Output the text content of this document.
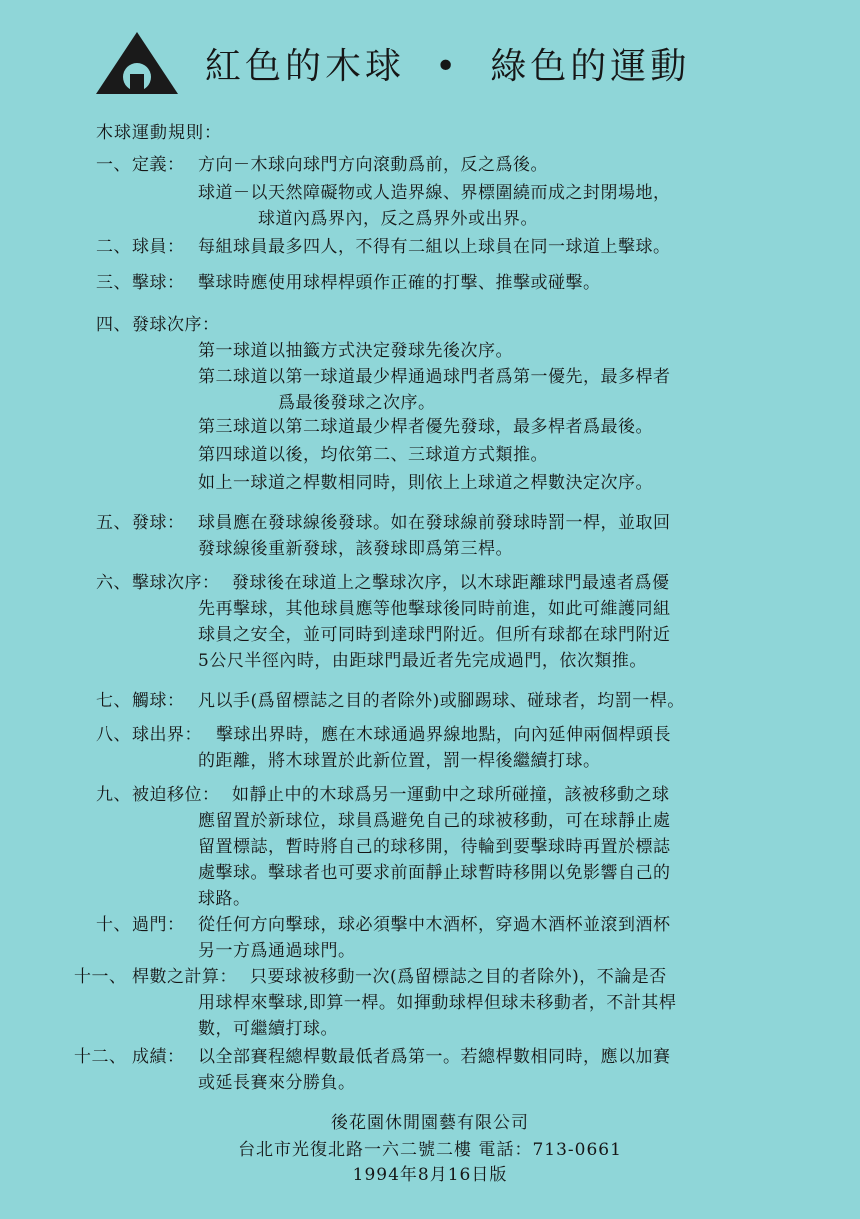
紅色的木球 • 綠色的運動
木球運動規則：
一、 定義： 方向－木球向球門方向滾動爲前，反之爲後。
球道－以天然障礙物或人造界線、界標圍繞而成之封閉場地，
球道內爲界內，反之爲界外或出界。
二、 球員： 每組球員最多四人，不得有二組以上球員在同一球道上擊球。
三、 擊球： 擊球時應使用球桿桿頭作正確的打擊、推擊或碰擊。
四、 發球次序：
第一球道以抽籤方式決定發球先後次序。
第二球道以第一球道最少桿通過球門者爲第一優先，最多桿者
爲最後發球之次序。
第三球道以第二球道最少桿者優先發球，最多桿者爲最後。
第四球道以後，均依第二、三球道方式類推。
如上一球道之桿數相同時，則依上上球道之桿數決定次序。
五、 發球： 球員應在發球線後發球。如在發球線前發球時罰一桿，並取回
發球線後重新發球，該發球即爲第三桿。
六、 擊球次序： 發球後在球道上之擊球次序，以木球距離球門最遠者爲優
先再擊球，其他球員應等他擊球後同時前進，如此可維護同組
球員之安全，並可同時到達球門附近。但所有球都在球門附近
5公尺半徑內時，由距球門最近者先完成過門，依次類推。
七、 觸球： 凡以手(爲留標誌之目的者除外)或腳踢球、碰球者，均罰一桿。
八、 球出界： 擊球出界時，應在木球通過界線地點，向內延伸兩個桿頭長
的距離，將木球置於此新位置，罰一桿後繼續打球。
九、 被迫移位： 如靜止中的木球爲另一運動中之球所碰撞，該被移動之球
應留置於新球位，球員爲避免自己的球被移動，可在球靜止處
留置標誌，暫時將自己的球移開，待輪到要擊球時再置於標誌
處擊球。擊球者也可要求前面靜止球暫時移開以免影響自己的
球路。
十、 過門： 從任何方向擊球，球必須擊中木酒杯，穿過木酒杯並滾到酒杯
另一方爲通過球門。
十一、 桿數之計算： 只要球被移動一次(爲留標誌之目的者除外)，不論是否
用球桿來擊球,即算一桿。如揮動球桿但球未移動者，不計其桿
數，可繼續打球。
十二、 成績： 以全部賽程總桿數最低者爲第一。若總桿數相同時，應以加賽
或延長賽來分勝負。
後花園休閒園藝有限公司
台北市光復北路一六二號二樓 電話：713-0661
1994年8月16日版
